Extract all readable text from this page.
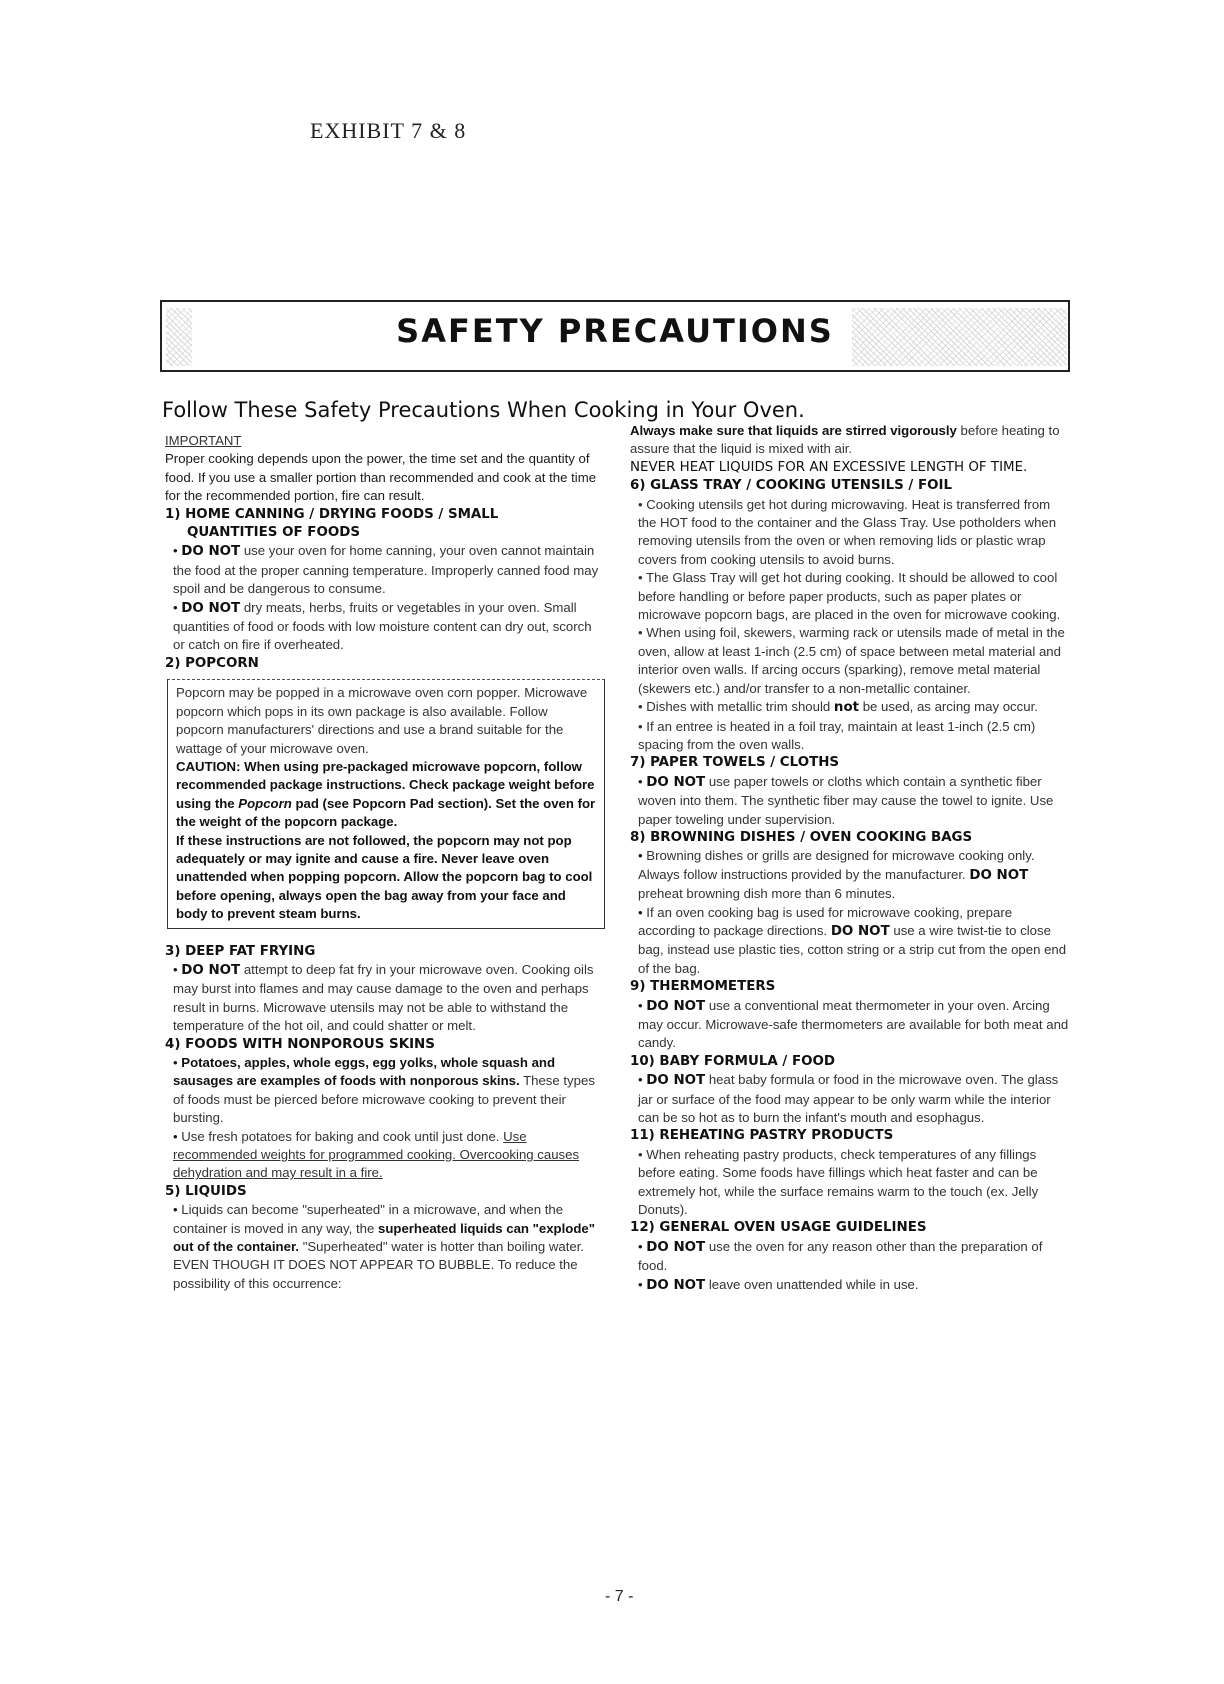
EXHIBIT 7 & 8
SAFETY PRECAUTIONS
Follow These Safety Precautions When Cooking in Your Oven.

IMPORTANT

Proper cooking depends upon the power, the time set and the quantity of food. If you use a smaller portion than recommended and cook at the time for the recommended portion, fire can result.

1) HOME CANNING / DRYING FOODS / SMALL

QUANTITIES OF FOODS

• DO NOT use your oven for home canning, your oven cannot maintain the food at the proper canning temperature. Improperly canned food may spoil and be dangerous to consume.

• DO NOT dry meats, herbs, fruits or vegetables in your oven. Small quantities of food or foods with low moisture content can dry out, scorch or catch on fire if overheated.

2) POPCORN

Popcorn may be popped in a microwave oven corn popper. Microwave popcorn which pops in its own package is also available. Follow popcorn manufacturers' directions and use a brand suitable for the wattage of your microwave oven.

CAUTION: When using pre-packaged microwave popcorn, follow recommended package instructions. Check package weight before using the Popcorn pad (see Popcorn Pad section). Set the oven for the weight of the popcorn package.

If these instructions are not followed, the popcorn may not pop adequately or may ignite and cause a fire. Never leave oven unattended when popping popcorn. Allow the popcorn bag to cool before opening, always open the bag away from your face and body to prevent steam burns.

3) DEEP FAT FRYING

• DO NOT attempt to deep fat fry in your microwave oven. Cooking oils may burst into flames and may cause damage to the oven and perhaps result in burns. Microwave utensils may not be able to withstand the temperature of the hot oil, and could shatter or melt.

4) FOODS WITH NONPOROUS SKINS

• Potatoes, apples, whole eggs, egg yolks, whole squash and sausages are examples of foods with nonporous skins. These types of foods must be pierced before microwave cooking to prevent their bursting.

• Use fresh potatoes for baking and cook until just done. Use recommended weights for programmed cooking. Overcooking causes dehydration and may result in a fire.

5) LIQUIDS

• Liquids can become "superheated" in a microwave, and when the container is moved in any way, the superheated liquids can "explode" out of the container. "Superheated" water is hotter than boiling water. EVEN THOUGH IT DOES NOT APPEAR TO BUBBLE. To reduce the possibility of this occurrence:

Always make sure that liquids are stirred vigorously before heating to assure that the liquid is mixed with air.

NEVER HEAT LIQUIDS FOR AN EXCESSIVE LENGTH OF TIME.

6) GLASS TRAY / COOKING UTENSILS / FOIL

• Cooking utensils get hot during microwaving. Heat is transferred from the HOT food to the container and the Glass Tray. Use potholders when removing utensils from the oven or when removing lids or plastic wrap covers from cooking utensils to avoid burns.

• The Glass Tray will get hot during cooking. It should be allowed to cool before handling or before paper products, such as paper plates or microwave popcorn bags, are placed in the oven for microwave cooking.

• When using foil, skewers, warming rack or utensils made of metal in the oven, allow at least 1-inch (2.5 cm) of space between metal material and interior oven walls. If arcing occurs (sparking), remove metal material (skewers etc.) and/or transfer to a non-metallic container.

• Dishes with metallic trim should not be used, as arcing may occur.

• If an entree is heated in a foil tray, maintain at least 1-inch (2.5 cm) spacing from the oven walls.

7) PAPER TOWELS / CLOTHS

• DO NOT use paper towels or cloths which contain a synthetic fiber woven into them. The synthetic fiber may cause the towel to ignite. Use paper toweling under supervision.

8) BROWNING DISHES / OVEN COOKING BAGS

• Browning dishes or grills are designed for microwave cooking only. Always follow instructions provided by the manufacturer. DO NOT preheat browning dish more than 6 minutes.

• If an oven cooking bag is used for microwave cooking, prepare according to package directions. DO NOT use a wire twist-tie to close bag, instead use plastic ties, cotton string or a strip cut from the open end of the bag.

9) THERMOMETERS

• DO NOT use a conventional meat thermometer in your oven. Arcing may occur. Microwave-safe thermometers are available for both meat and candy.

10) BABY FORMULA / FOOD

• DO NOT heat baby formula or food in the microwave oven. The glass jar or surface of the food may appear to be only warm while the interior can be so hot as to burn the infant's mouth and esophagus.

11) REHEATING PASTRY PRODUCTS

• When reheating pastry products, check temperatures of any fillings before eating. Some foods have fillings which heat faster and can be extremely hot, while the surface remains warm to the touch (ex. Jelly Donuts).

12) GENERAL OVEN USAGE GUIDELINES

• DO NOT use the oven for any reason other than the preparation of food.

• DO NOT leave oven unattended while in use.

- 7 -
